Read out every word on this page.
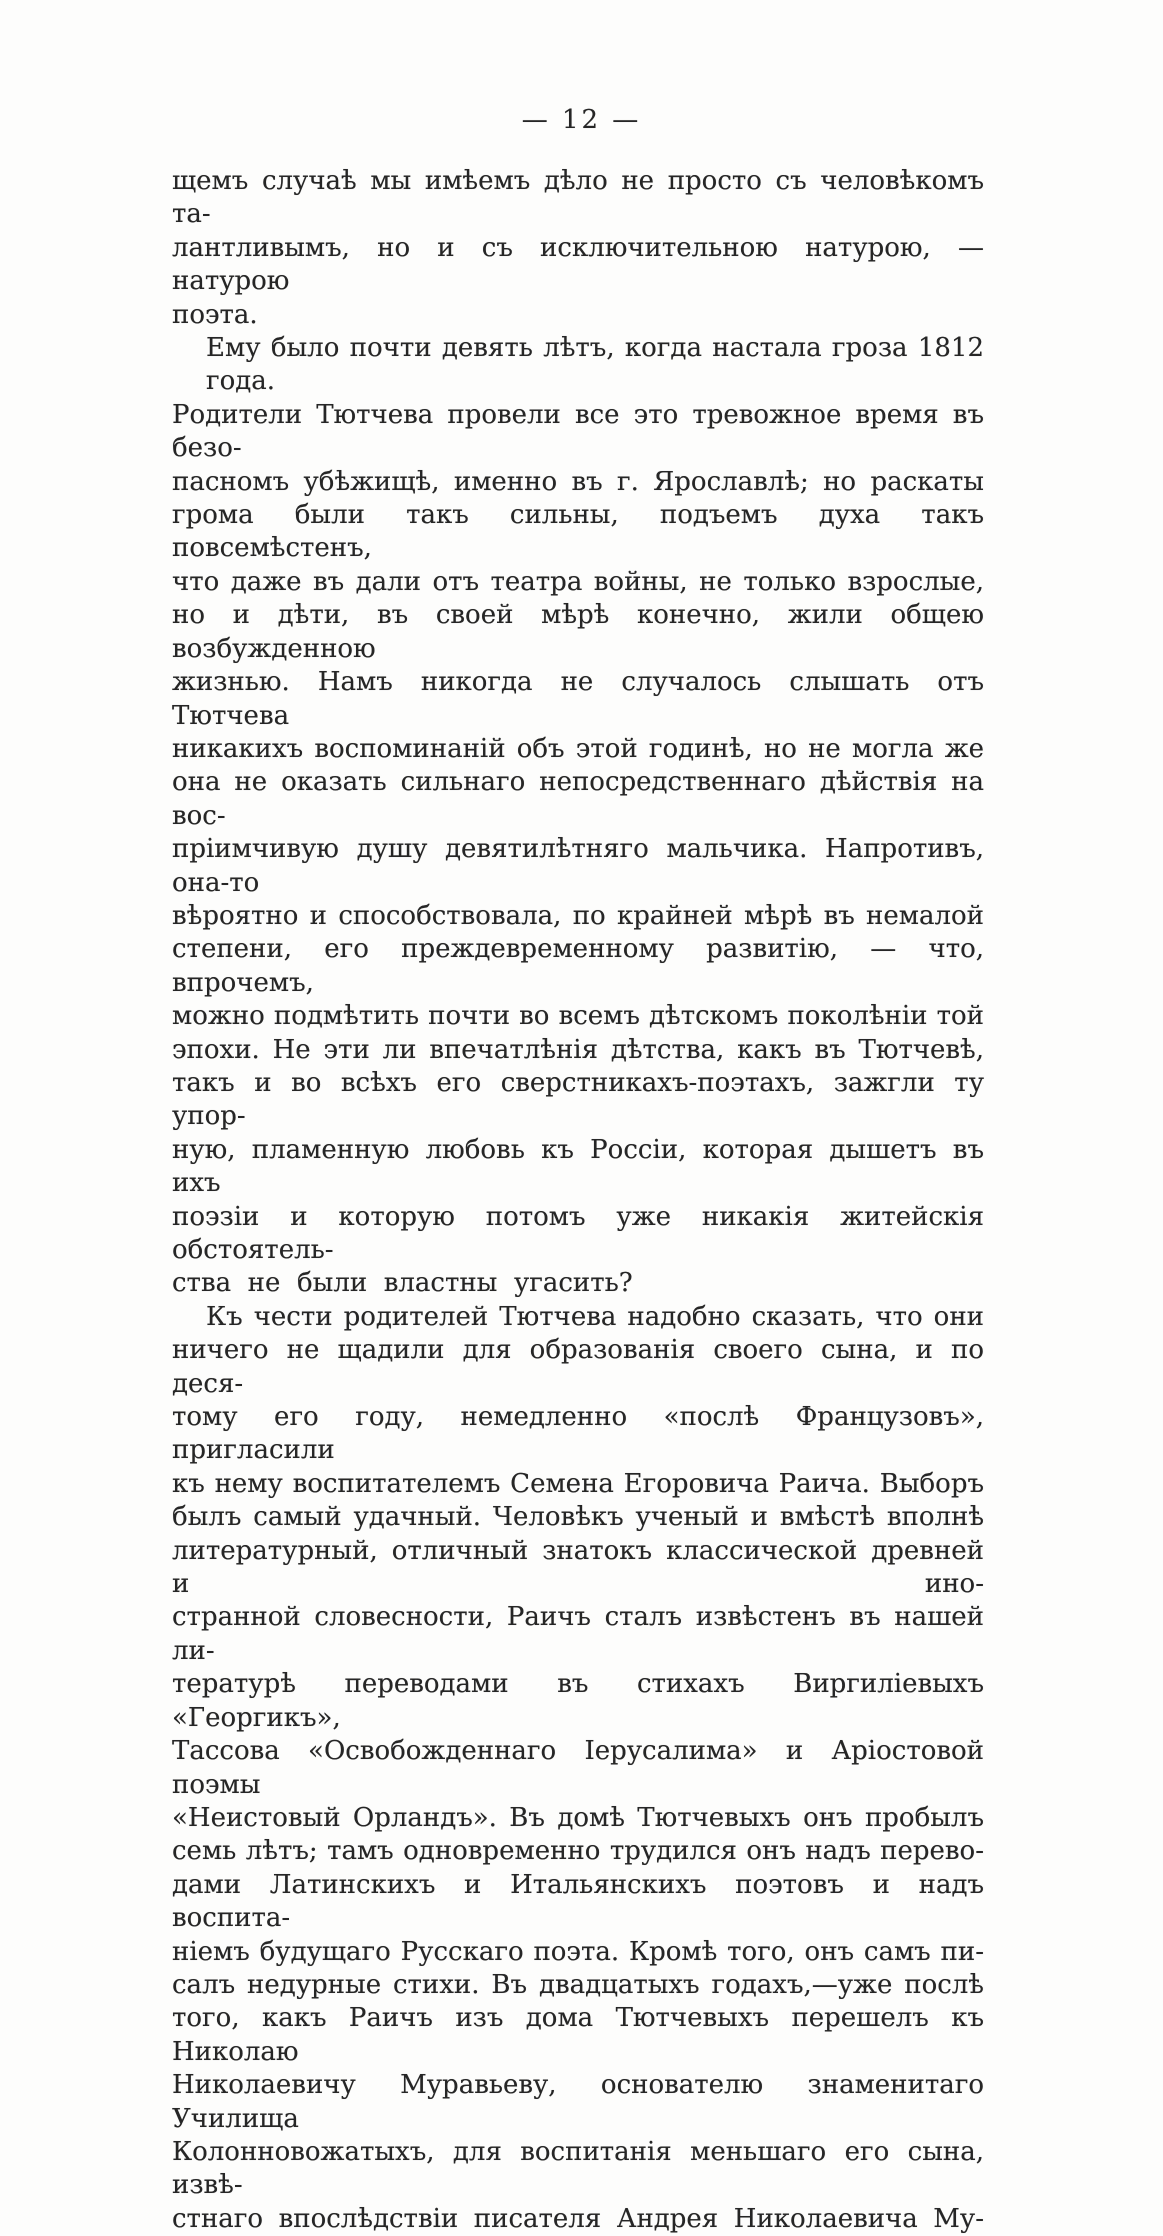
— 12 —
щемъ случаѣ мы имѣемъ дѣло не просто съ человѣкомъ та-
лантливымъ, но и съ исключительною натурою, — натурою
поэта.
Ему было почти девять лѣтъ, когда настала гроза 1812 года.
Родители Тютчева провели все это тревожное время въ безо-
пасномъ убѣжищѣ, именно въ г. Ярославлѣ; но раскаты
грома были такъ сильны, подъемъ духа такъ повсемѣстенъ,
что даже въ дали отъ театра войны, не только взрослые,
но и дѣти, въ своей мѣрѣ конечно, жили общею возбужденною
жизнью. Намъ никогда не случалось слышать отъ Тютчева
никакихъ воспоминаній объ этой годинѣ, но не могла же
она не оказать сильнаго непосредственнаго дѣйствія на вос-
пріимчивую душу девятилѣтняго мальчика. Напротивъ, она-то
вѣроятно и способствовала, по крайней мѣрѣ въ немалой
степени, его преждевременному развитію, — что, впрочемъ,
можно подмѣтить почти во всемъ дѣтскомъ поколѣніи той
эпохи. Не эти ли впечатлѣнія дѣтства, какъ въ Тютчевѣ,
такъ и во всѣхъ его сверстникахъ-поэтахъ, зажгли ту упор-
ную, пламенную любовь къ Россіи, которая дышетъ въ ихъ
поэзіи и которую потомъ уже никакія житейскія обстоятель-
ства не были властны угасить?
Къ чести родителей Тютчева надобно сказать, что они
ничего не щадили для образованія своего сына, и по деся-
тому его году, немедленно «послѣ Французовъ», пригласили
къ нему воспитателемъ Семена Егоровича Раича. Выборъ
былъ самый удачный. Человѣкъ ученый и вмѣстѣ вполнѣ
литературный, отличный знатокъ классической древней и ино-
странной словесности, Раичъ сталъ извѣстенъ въ нашей ли-
тературѣ переводами въ стихахъ Виргиліевыхъ «Георгикъ»,
Тассова «Освобожденнаго Іерусалима» и Аріостовой поэмы
«Неистовый Орландъ». Въ домѣ Тютчевыхъ онъ пробылъ
семь лѣтъ; тамъ одновременно трудился онъ надъ перево-
дами Латинскихъ и Итальянскихъ поэтовъ и надъ воспита-
ніемъ будущаго Русскаго поэта. Кромѣ того, онъ самъ пи-
салъ недурные стихи. Въ двадцатыхъ годахъ,—уже послѣ
того, какъ Раичъ изъ дома Тютчевыхъ перешелъ къ Николаю
Николаевичу Муравьеву, основателю знаменитаго Училища
Колонновожатыхъ, для воспитанія меньшаго его сына, извѣ-
стнаго впослѣдствіи писателя Андрея Николаевича Му-
